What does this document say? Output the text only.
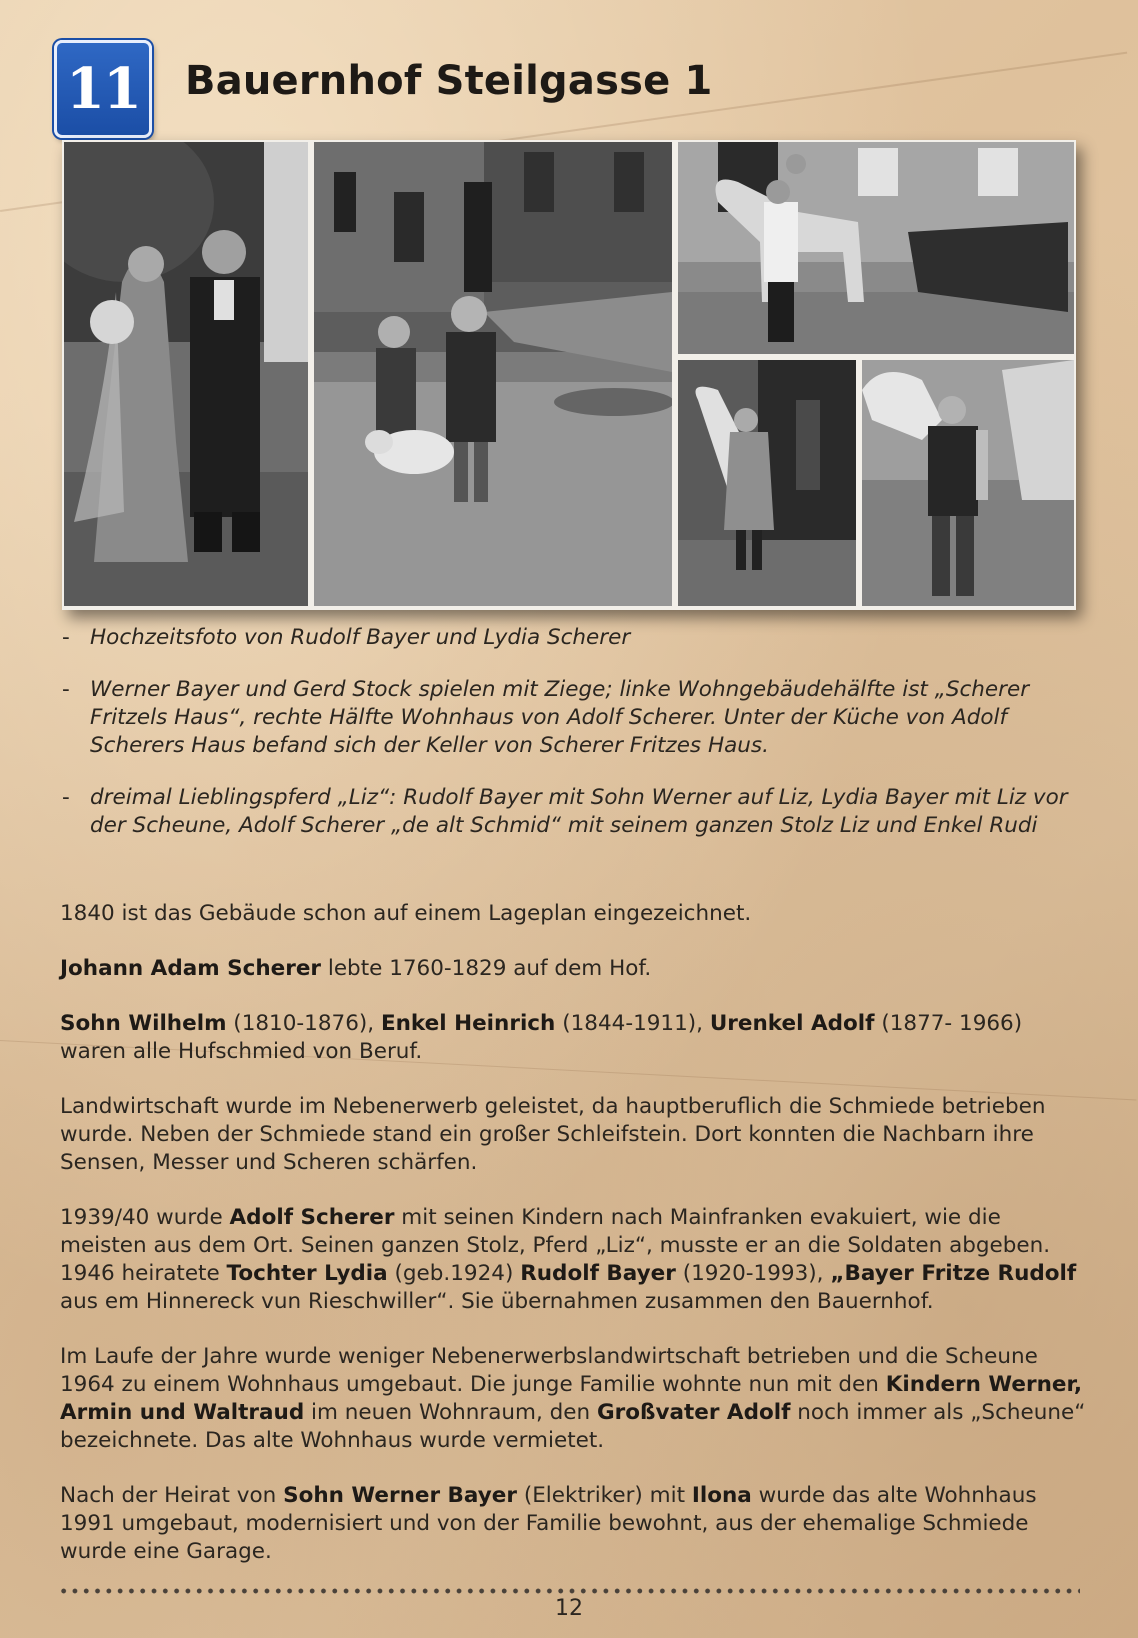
11	Bauernhof Steilgasse 1
- Hochzeitsfoto von Rudolf Bayer und Lydia Scherer
- Werner Bayer und Gerd Stock spielen mit Ziege; linke Wohngebäudehälfte ist „Scherer Fritzels Haus“, rechte Hälfte Wohnhaus von Adolf Scherer. Unter der Küche von Adolf Scherers Haus befand sich der Keller von Scherer Fritzes Haus.
- dreimal Lieblingspferd „Liz“: Rudolf Bayer mit Sohn Werner auf Liz, Lydia Bayer mit Liz vor der Scheune, Adolf Scherer „de alt Schmid“ mit seinem ganzen Stolz Liz und Enkel Rudi

1840 ist das Gebäude schon auf einem Lageplan eingezeichnet.

Johann Adam Scherer lebte 1760-1829 auf dem Hof.

Sohn Wilhelm (1810-1876), Enkel Heinrich (1844-1911), Urenkel Adolf (1877- 1966) waren alle Hufschmied von Beruf.

Landwirtschaft wurde im Nebenerwerb geleistet, da hauptberuflich die Schmiede betrieben wurde. Neben der Schmiede stand ein großer Schleifstein. Dort konnten die Nachbarn ihre Sensen, Messer und Scheren schärfen.

1939/40 wurde Adolf Scherer mit seinen Kindern nach Mainfranken evakuiert, wie die meisten aus dem Ort. Seinen ganzen Stolz, Pferd „Liz“, musste er an die Soldaten abgeben. 1946 heiratete Tochter Lydia (geb.1924) Rudolf Bayer (1920-1993), „Bayer Fritze Rudolf aus em Hinnereck vun Rieschwiller“. Sie übernahmen zusammen den Bauernhof.

Im Laufe der Jahre wurde weniger Nebenerwerbslandwirtschaft betrieben und die Scheune 1964 zu einem Wohnhaus umgebaut. Die junge Familie wohnte nun mit den Kindern Werner, Armin und Waltraud im neuen Wohnraum, den Großvater Adolf noch immer als „Scheune“ bezeichnete. Das alte Wohnhaus wurde vermietet.

Nach der Heirat von Sohn Werner Bayer (Elektriker) mit Ilona wurde das alte Wohnhaus 1991 umgebaut, modernisiert und von der Familie bewohnt, aus der ehemalige Schmiede wurde eine Garage.

12
